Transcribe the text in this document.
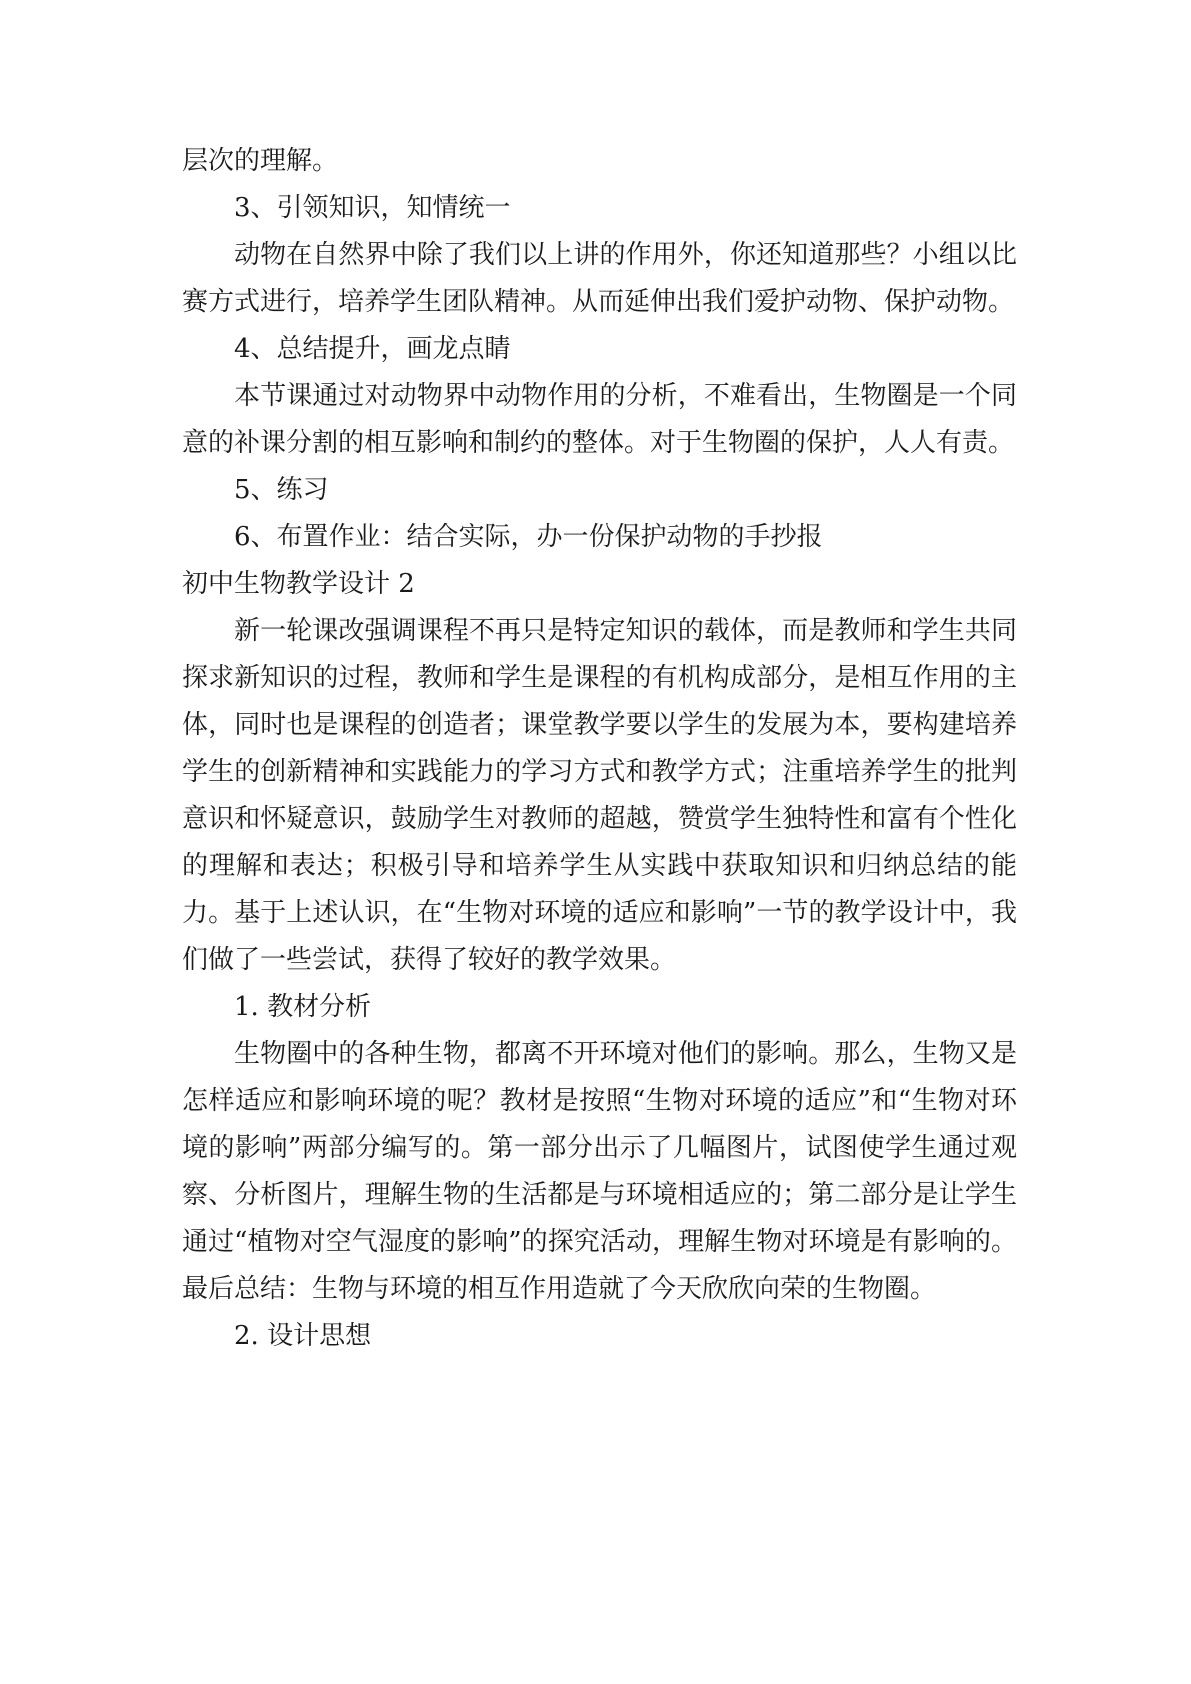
层次的理解。

3、引领知识，知情统一

动物在自然界中除了我们以上讲的作用外，你还知道那些？小组以比赛方式进行，培养学生团队精神。从而延伸出我们爱护动物、保护动物。

4、总结提升，画龙点睛

本节课通过对动物界中动物作用的分析，不难看出，生物圈是一个同意的补课分割的相互影响和制约的整体。对于生物圈的保护，人人有责。

5、练习

6、布置作业：结合实际，办一份保护动物的手抄报

初中生物教学设计 2

新一轮课改强调课程不再只是特定知识的载体，而是教师和学生共同探求新知识的过程，教师和学生是课程的有机构成部分，是相互作用的主体，同时也是课程的创造者；课堂教学要以学生的发展为本，要构建培养学生的创新精神和实践能力的学习方式和教学方式；注重培养学生的批判意识和怀疑意识，鼓励学生对教师的超越，赞赏学生独特性和富有个性化的理解和表达；积极引导和培养学生从实践中获取知识和归纳总结的能力。基于上述认识，在“生物对环境的适应和影响”一节的教学设计中，我们做了一些尝试，获得了较好的教学效果。

1. 教材分析

生物圈中的各种生物，都离不开环境对他们的影响。那么，生物又是怎样适应和影响环境的呢？教材是按照“生物对环境的适应”和“生物对环境的影响”两部分编写的。第一部分出示了几幅图片，试图使学生通过观察、分析图片，理解生物的生活都是与环境相适应的；第二部分是让学生通过“植物对空气湿度的影响”的探究活动，理解生物对环境是有影响的。最后总结：生物与环境的相互作用造就了今天欣欣向荣的生物圈。

2. 设计思想
